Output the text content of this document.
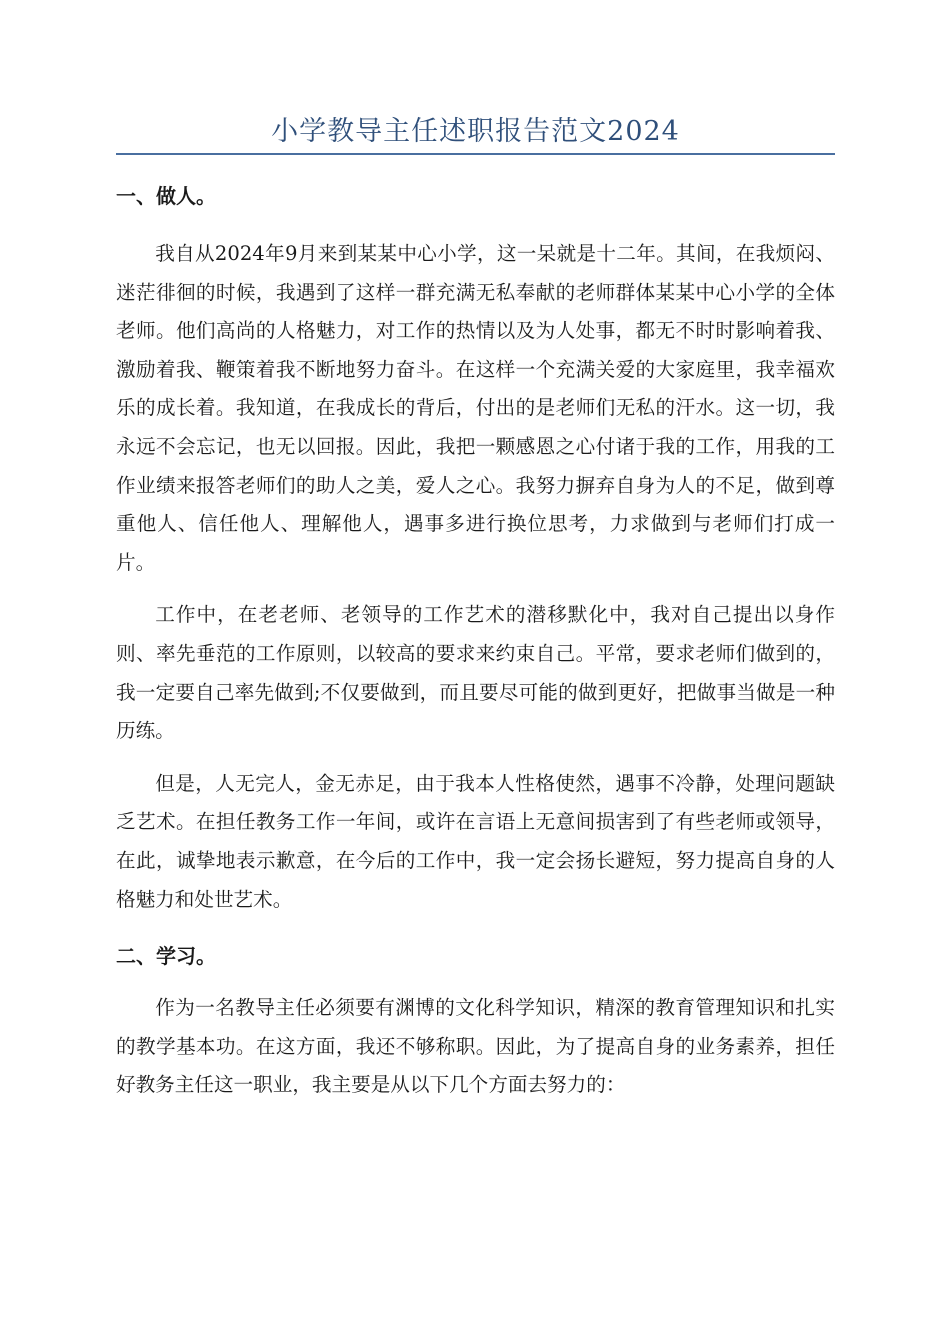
小学教导主任述职报告范文2024
一、做人。

我自从2024年9月来到某某中心小学，这一呆就是十二年。其间，在我烦闷、迷茫徘徊的时候，我遇到了这样一群充满无私奉献的老师群体某某中心小学的全体老师。他们高尚的人格魅力，对工作的热情以及为人处事，都无不时时影响着我、激励着我、鞭策着我不断地努力奋斗。在这样一个充满关爱的大家庭里，我幸福欢乐的成长着。我知道，在我成长的背后，付出的是老师们无私的汗水。这一切，我永远不会忘记，也无以回报。因此，我把一颗感恩之心付诸于我的工作，用我的工作业绩来报答老师们的助人之美，爱人之心。我努力摒弃自身为人的不足，做到尊重他人、信任他人、理解他人，遇事多进行换位思考，力求做到与老师们打成一片。

工作中，在老老师、老领导的工作艺术的潜移默化中，我对自己提出以身作则、率先垂范的工作原则，以较高的要求来约束自己。平常，要求老师们做到的，我一定要自己率先做到;不仅要做到，而且要尽可能的做到更好，把做事当做是一种历练。

但是，人无完人，金无赤足，由于我本人性格使然，遇事不冷静，处理问题缺乏艺术。在担任教务工作一年间，或许在言语上无意间损害到了有些老师或领导，在此，诚挚地表示歉意，在今后的工作中，我一定会扬长避短，努力提高自身的人格魅力和处世艺术。

二、学习。

作为一名教导主任必须要有渊博的文化科学知识，精深的教育管理知识和扎实的教学基本功。在这方面，我还不够称职。因此，为了提高自身的业务素养，担任好教务主任这一职业，我主要是从以下几个方面去努力的：
